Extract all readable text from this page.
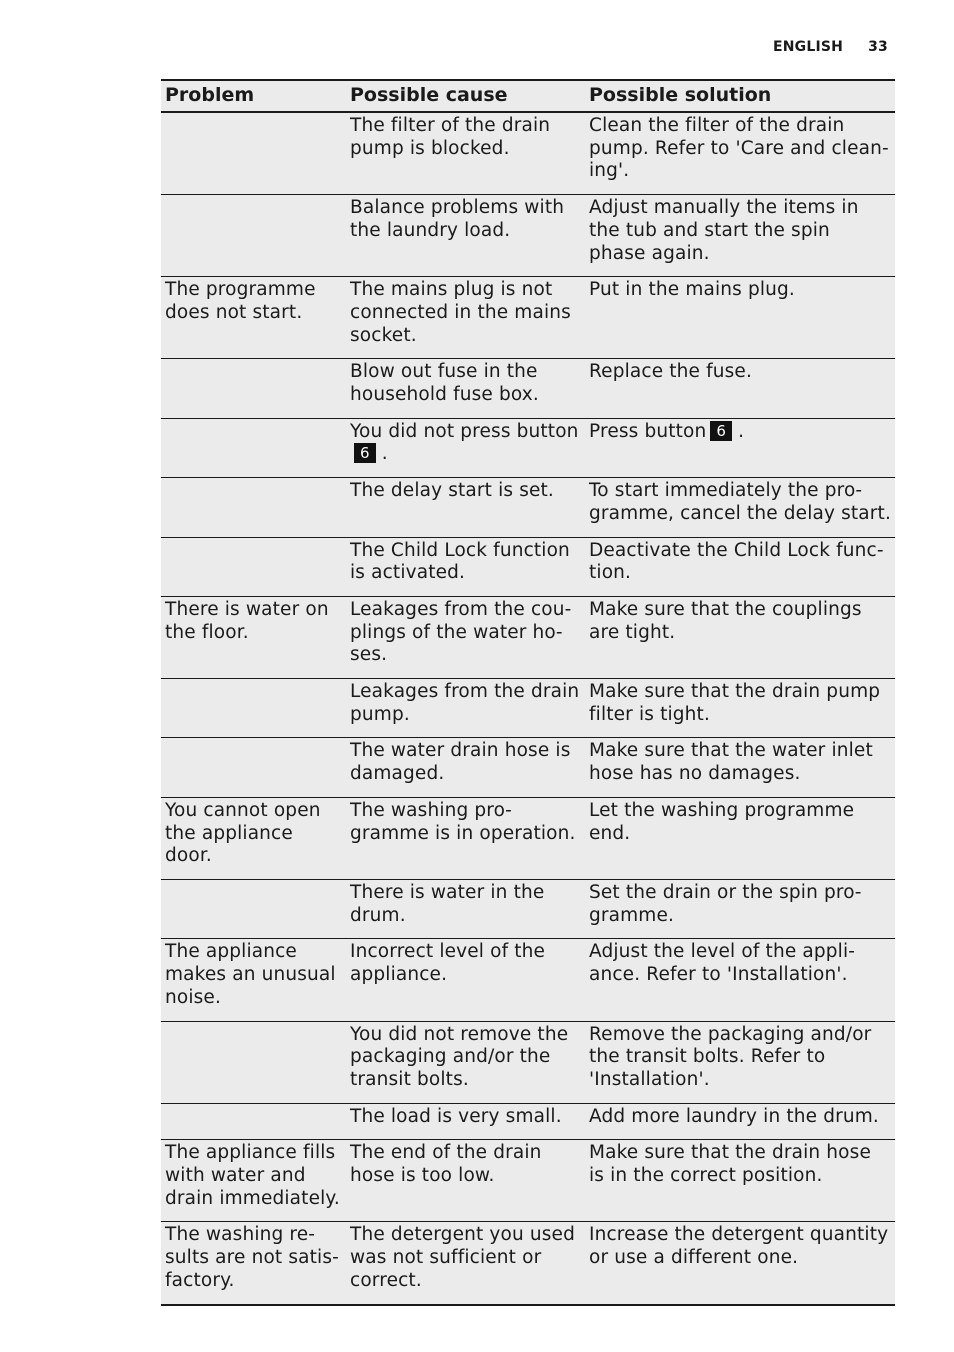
ENGLISH 33
Problem	Possible cause	Possible solution
	The filter of the drain pump is blocked.	Clean the filter of the drain pump. Refer to 'Care and cleaning'.
	Balance problems with the laundry load.	Adjust manually the items in the tub and start the spin phase again.
The programme does not start.	The mains plug is not connected in the mains socket.	Put in the mains plug.
	Blow out fuse in the household fuse box.	Replace the fuse.
	You did not press button6 .	Press button 6 .
	The delay start is set.	To start immediately the programme, cancel the delay start.
	The Child Lock function is activated.	Deactivate the Child Lock function.
There is water on the floor.	Leakages from the couplings of the water hoses.	Make sure that the couplings are tight.
	Leakages from the drain pump.	Make sure that the drain pump filter is tight.
	The water drain hose is damaged.	Make sure that the water inlet hose has no damages.
You cannot open the appliance door.	The washing programme is in operation.	Let the washing programme end.
	There is water in the drum.	Set the drain or the spin programme.
The appliance makes an unusual noise.	Incorrect level of the appliance.	Adjust the level of the appliance. Refer to 'Installation'.
	You did not remove the packaging and/or the transit bolts.	Remove the packaging and/or the transit bolts. Refer to 'Installation'.
	The load is very small.	Add more laundry in the drum.
The appliance fills with water and drain immediately.	The end of the drain hose is too low.	Make sure that the drain hose is in the correct position.
The washing results are not satisfactory.	The detergent you used was not sufficient or correct.	Increase the detergent quantity or use a different one.
